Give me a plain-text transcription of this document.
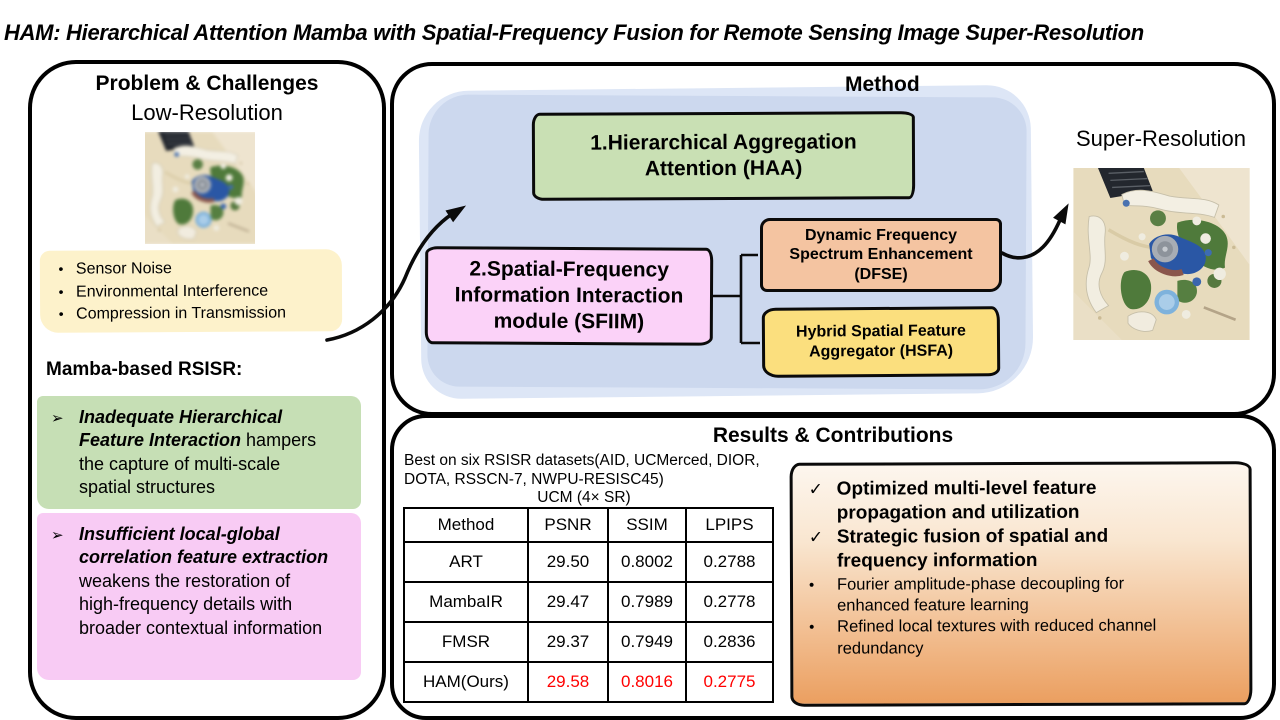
HAM: Hierarchical Attention Mamba with Spatial-Frequency Fusion for Remote Sensing Image Super-Resolution
Problem & Challenges
Low-Resolution
• Sensor Noise
• Environmental Interference
• Compression in Transmission
Mamba-based RSISR:
➢ Inadequate Hierarchical Feature Interaction hampers the capture of multi-scale spatial structures
➢ Insufficient local-global correlation feature extraction weakens the restoration of high-frequency details with broader contextual information
Method
1.Hierarchical Aggregation Attention (HAA)
2.Spatial-Frequency Information Interaction module (SFIIM)
Dynamic Frequency Spectrum Enhancement (DFSE)
Hybrid Spatial Feature Aggregator (HSFA)
Super-Resolution
Results & Contributions
Best on six RSISR datasets(AID, UCMerced, DIOR, DOTA, RSSCN-7, NWPU-RESISC45)
UCM (4× SR)
Method	PSNR	SSIM	LPIPS
ART	29.50	0.8002	0.2788
MambaIR	29.47	0.7989	0.2778
FMSR	29.37	0.7949	0.2836
HAM(Ours)	29.58	0.8016	0.2775
✓ Optimized multi-level feature propagation and utilization
✓ Strategic fusion of spatial and frequency information
•	Fourier amplitude-phase decoupling for enhanced feature learning
•	Refined local textures with reduced channel redundancy
